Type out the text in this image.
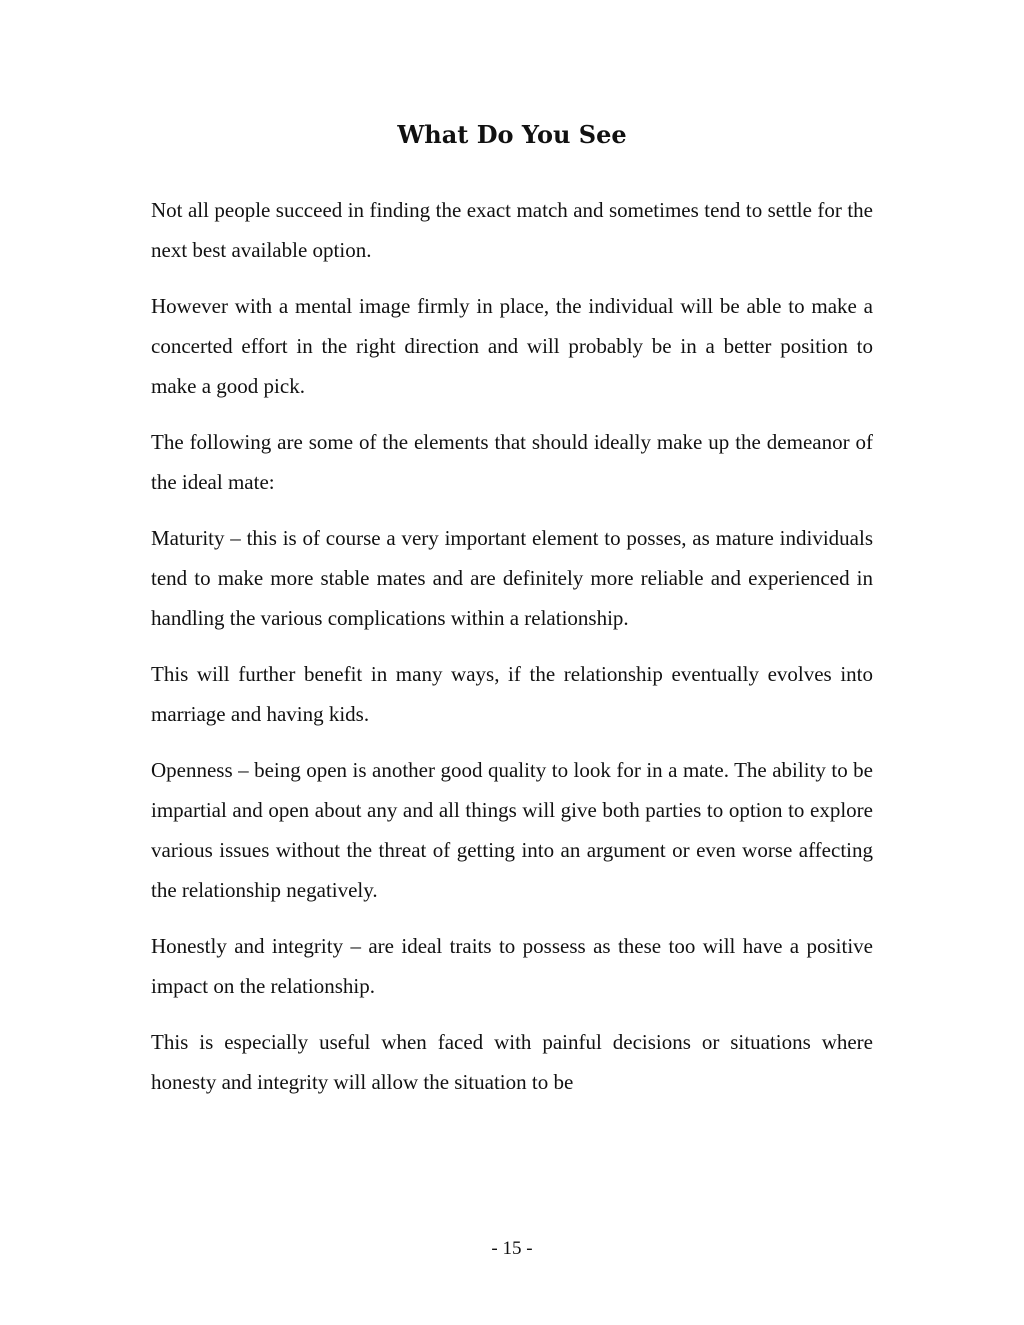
What Do You See

Not all people succeed in finding the exact match and sometimes tend to settle for the next best available option.

However with a mental image firmly in place, the individual will be able to make a concerted effort in the right direction and will probably be in a better position to make a good pick.

The following are some of the elements that should ideally make up the demeanor of the ideal mate:

Maturity – this is of course a very important element to posses, as mature individuals tend to make more stable mates and are definitely more reliable and experienced in handling the various complications within a relationship.

This will further benefit in many ways, if the relationship eventually evolves into marriage and having kids.

Openness – being open is another good quality to look for in a mate. The ability to be impartial and open about any and all things will give both parties to option to explore various issues without the threat of getting into an argument or even worse affecting the relationship negatively.

Honestly and integrity – are ideal traits to possess as these too will have a positive impact on the relationship.

This is especially useful when faced with painful decisions or situations where honesty and integrity will allow the situation to be

- 15 -
